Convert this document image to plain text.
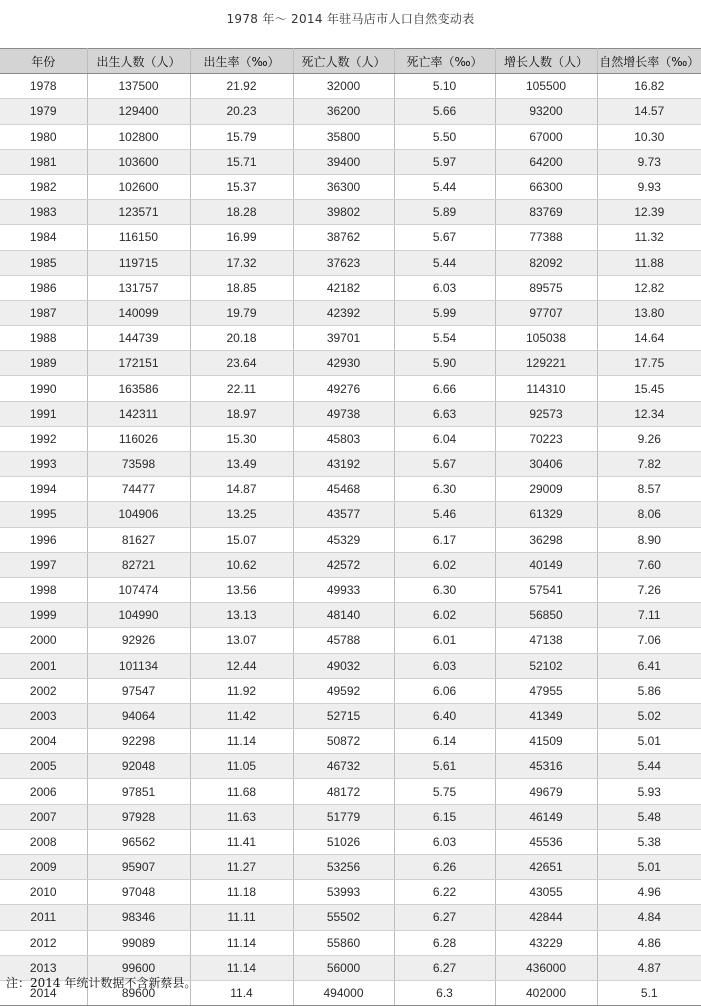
1978 年～ 2014 年驻马店市人口自然变动表
年份	出生人数（人）	出生率（‰）	死亡人数（人）	死亡率（‰）	增长人数（人）	自然增长率（‰）
1978	137500	21.92	32000	5.10	105500	16.82
1979	129400	20.23	36200	5.66	93200	14.57
1980	102800	15.79	35800	5.50	67000	10.30
1981	103600	15.71	39400	5.97	64200	9.73
1982	102600	15.37	36300	5.44	66300	9.93
1983	123571	18.28	39802	5.89	83769	12.39
1984	116150	16.99	38762	5.67	77388	11.32
1985	119715	17.32	37623	5.44	82092	11.88
1986	131757	18.85	42182	6.03	89575	12.82
1987	140099	19.79	42392	5.99	97707	13.80
1988	144739	20.18	39701	5.54	105038	14.64
1989	172151	23.64	42930	5.90	129221	17.75
1990	163586	22.11	49276	6.66	114310	15.45
1991	142311	18.97	49738	6.63	92573	12.34
1992	116026	15.30	45803	6.04	70223	9.26
1993	73598	13.49	43192	5.67	30406	7.82
1994	74477	14.87	45468	6.30	29009	8.57
1995	104906	13.25	43577	5.46	61329	8.06
1996	81627	15.07	45329	6.17	36298	8.90
1997	82721	10.62	42572	6.02	40149	7.60
1998	107474	13.56	49933	6.30	57541	7.26
1999	104990	13.13	48140	6.02	56850	7.11
2000	92926	13.07	45788	6.01	47138	7.06
2001	101134	12.44	49032	6.03	52102	6.41
2002	97547	11.92	49592	6.06	47955	5.86
2003	94064	11.42	52715	6.40	41349	5.02
2004	92298	11.14	50872	6.14	41509	5.01
2005	92048	11.05	46732	5.61	45316	5.44
2006	97851	11.68	48172	5.75	49679	5.93
2007	97928	11.63	51779	6.15	46149	5.48
2008	96562	11.41	51026	6.03	45536	5.38
2009	95907	11.27	53256	6.26	42651	5.01
2010	97048	11.18	53993	6.22	43055	4.96
2011	98346	11.11	55502	6.27	42844	4.84
2012	99089	11.14	55860	6.28	43229	4.86
2013	99600	11.14	56000	6.27	436000	4.87
2014	89600	11.4	494000	6.3	402000	5.1
注：2014 年统计数据不含新蔡县。
